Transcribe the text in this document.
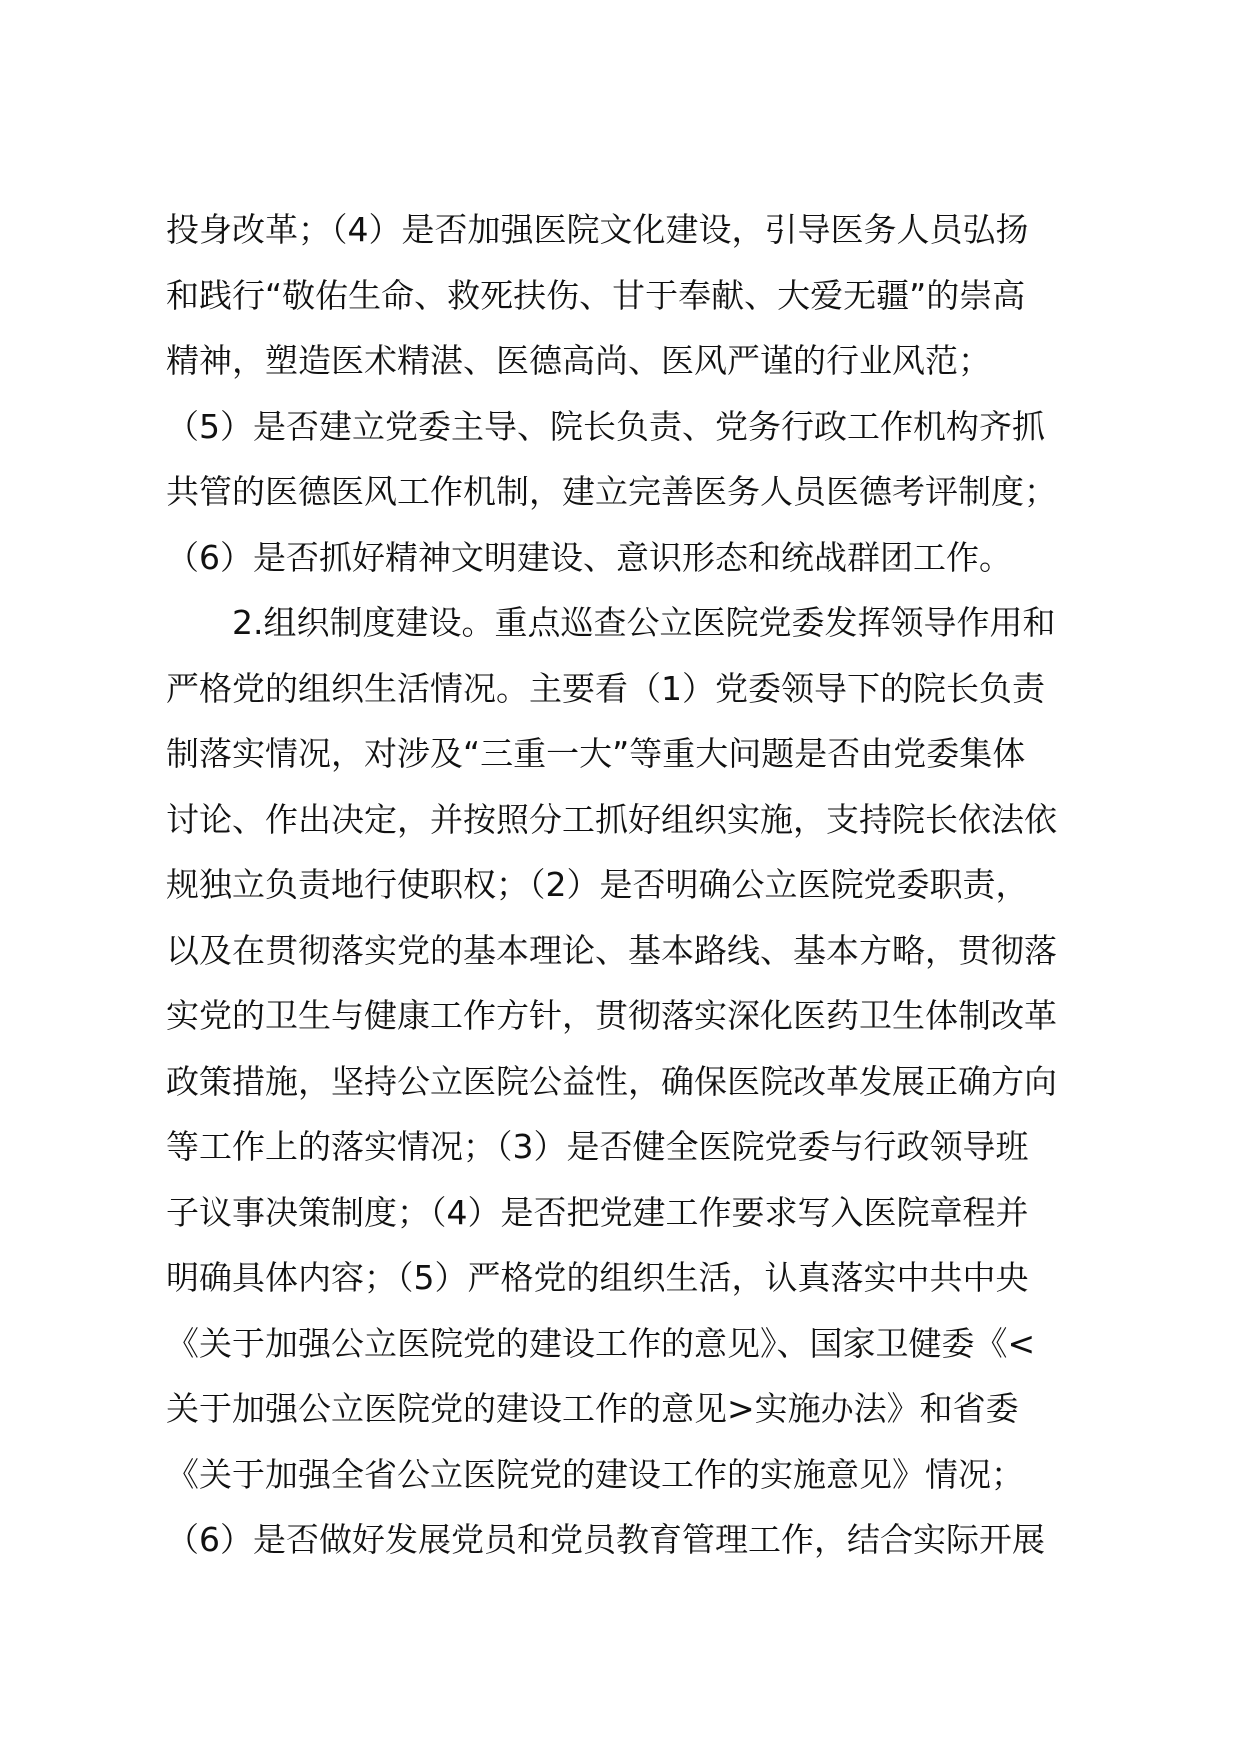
投身改革；（4）是否加强医院文化建设，引导医务人员弘扬
和践行“敬佑生命、救死扶伤、甘于奉献、大爱无疆”的崇高
精神，塑造医术精湛、医德高尚、医风严谨的行业风范；
（5）是否建立党委主导、院长负责、党务行政工作机构齐抓
共管的医德医风工作机制，建立完善医务人员医德考评制度；
（6）是否抓好精神文明建设、意识形态和统战群团工作。
2.组织制度建设。重点巡查公立医院党委发挥领导作用和
严格党的组织生活情况。主要看（1）党委领导下的院长负责
制落实情况，对涉及“三重一大”等重大问题是否由党委集体
讨论、作出决定，并按照分工抓好组织实施，支持院长依法依
规独立负责地行使职权；（2）是否明确公立医院党委职责，
以及在贯彻落实党的基本理论、基本路线、基本方略，贯彻落
实党的卫生与健康工作方针，贯彻落实深化医药卫生体制改革
政策措施，坚持公立医院公益性，确保医院改革发展正确方向
等工作上的落实情况；（3）是否健全医院党委与行政领导班
子议事决策制度；（4）是否把党建工作要求写入医院章程并
明确具体内容；（5）严格党的组织生活，认真落实中共中央
《关于加强公立医院党的建设工作的意见》、国家卫健委《<
关于加强公立医院党的建设工作的意见>实施办法》和省委
《关于加强全省公立医院党的建设工作的实施意见》情况；
（6）是否做好发展党员和党员教育管理工作，结合实际开展
